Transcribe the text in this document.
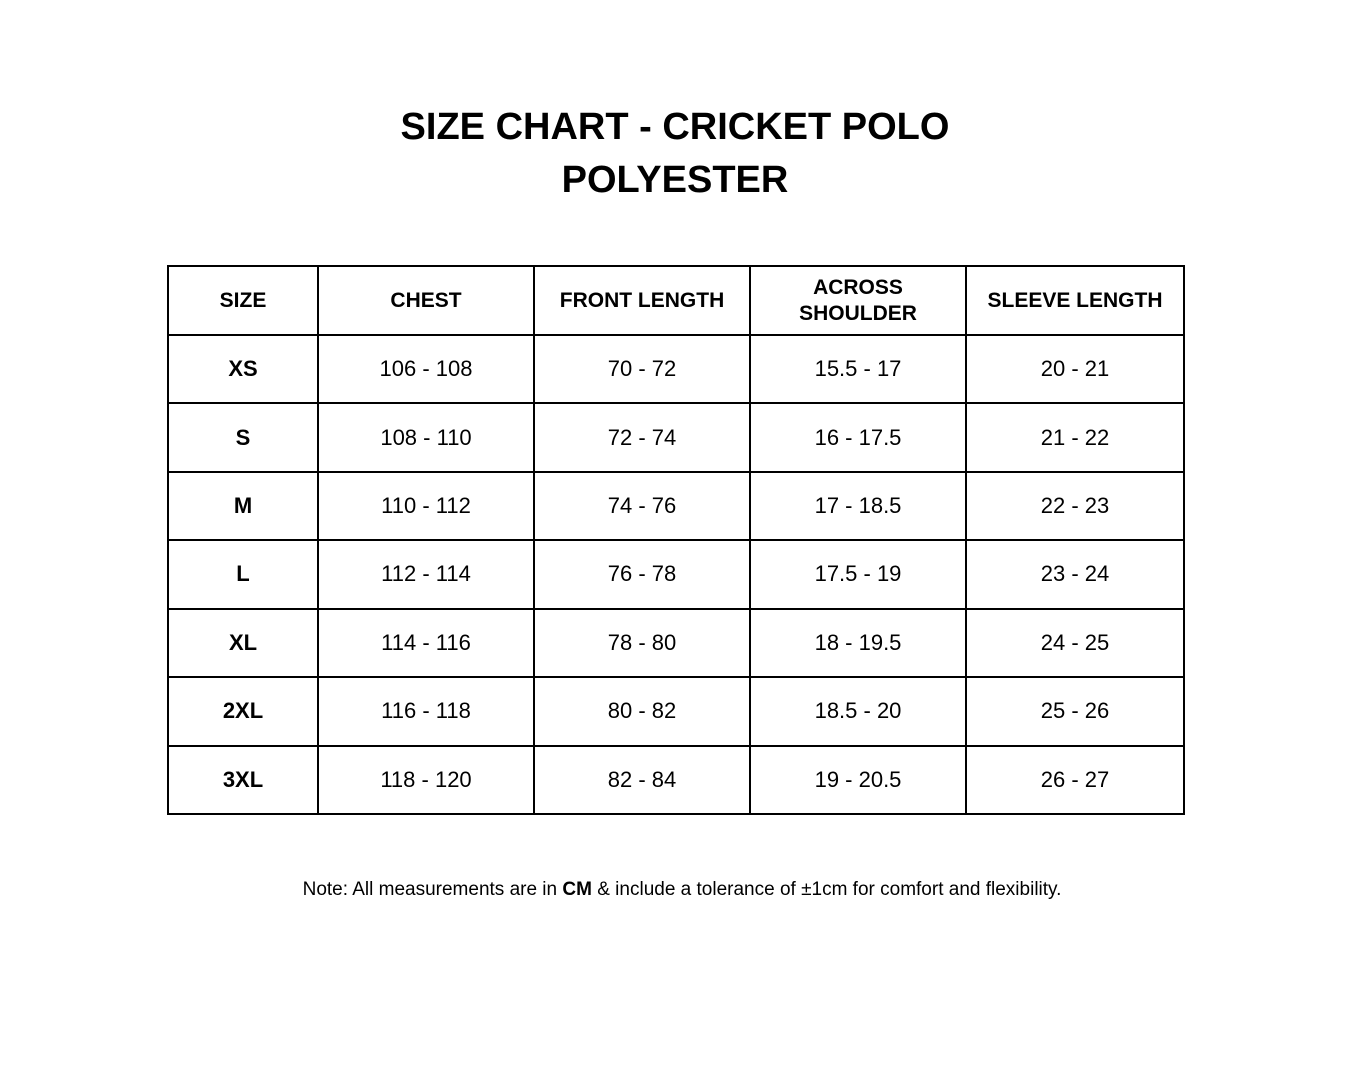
SIZE CHART - CRICKET POLO
POLYESTER
SIZE	CHEST	FRONT LENGTH	ACROSS SHOULDER	SLEEVE LENGTH
XS	106 - 108	70 - 72	15.5 - 17	20 - 21
S	108 - 110	72 - 74	16 - 17.5	21 - 22
M	110 - 112	74 - 76	17 - 18.5	22 - 23
L	112 - 114	76 - 78	17.5 - 19	23 - 24
XL	114 - 116	78 - 80	18 - 19.5	24 - 25
2XL	116 - 118	80 - 82	18.5 - 20	25 - 26
3XL	118 - 120	82 - 84	19 - 20.5	26 - 27

Note: All measurements are in CM & include a tolerance of ±1cm for comfort and flexibility.
